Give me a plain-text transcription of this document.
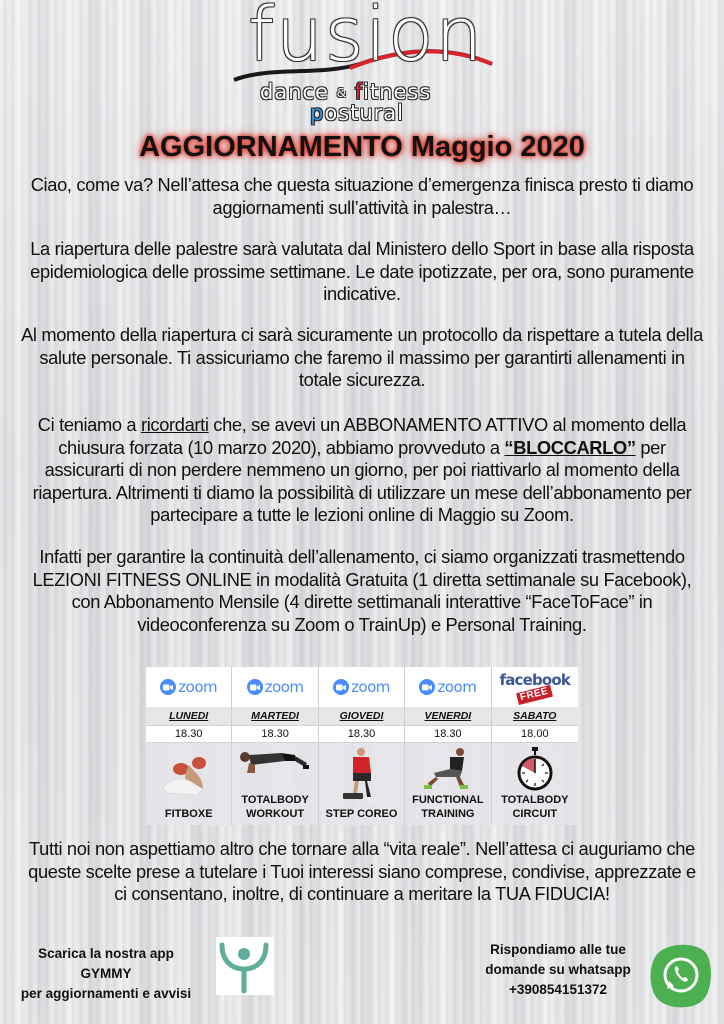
fusion
dance & fitness
postural
AGGIORNAMENTO Maggio 2020

Ciao, come va? Nell’attesa che questa situazione d’emergenza finisca presto ti diamo aggiornamenti sull’attività in palestra…

La riapertura delle palestre sarà valutata dal Ministero dello Sport in base alla risposta epidemiologica delle prossime settimane. Le date ipotizzate, per ora, sono puramente indicative.

Al momento della riapertura ci sarà sicuramente un protocollo da rispettare a tutela della salute personale. Ti assicuriamo che faremo il massimo per garantirti allenamenti in totale sicurezza.

Ci teniamo a ricordarti che, se avevi un ABBONAMENTO ATTIVO al momento della chiusura forzata (10 marzo 2020), abbiamo provveduto a “BLOCCARLO” per assicurarti di non perdere nemmeno un giorno, per poi riattivarlo al momento della riapertura. Altrimenti ti diamo la possibilità di utilizzare un mese dell’abbonamento per partecipare a tutte le lezioni online di Maggio su Zoom.

Infatti per garantire la continuità dell’allenamento, ci siamo organizzati trasmettendo LEZIONI FITNESS ONLINE in modalità Gratuita (1 diretta settimanale su Facebook), con Abbonamento Mensile (4 dirette settimanali interattive “FaceToFace” in videoconferenza su Zoom o TrainUp) e Personal Training.

zoom
LUNEDI
18.30
FITBOXE
zoom
MARTEDI
18.30
TOTALBODY WORKOUT
zoom
GIOVEDI
18.30
STEP COREO
zoom
VENERDI
18.30
FUNCTIONAL TRAINING
facebook
FREE
SABATO
18.00
TOTALBODY CIRCUIT

Tutti noi non aspettiamo altro che tornare alla “vita reale”. Nell’attesa ci auguriamo che queste scelte prese a tutelare i Tuoi interessi siano comprese, condivise, apprezzate e ci consentano, inoltre, di continuare a meritare la TUA FIDUCIA!

Scarica la nostra app
GYMMY
per aggiornamenti e avvisi
Rispondiamo alle tue
domande su whatsapp
+390854151372
